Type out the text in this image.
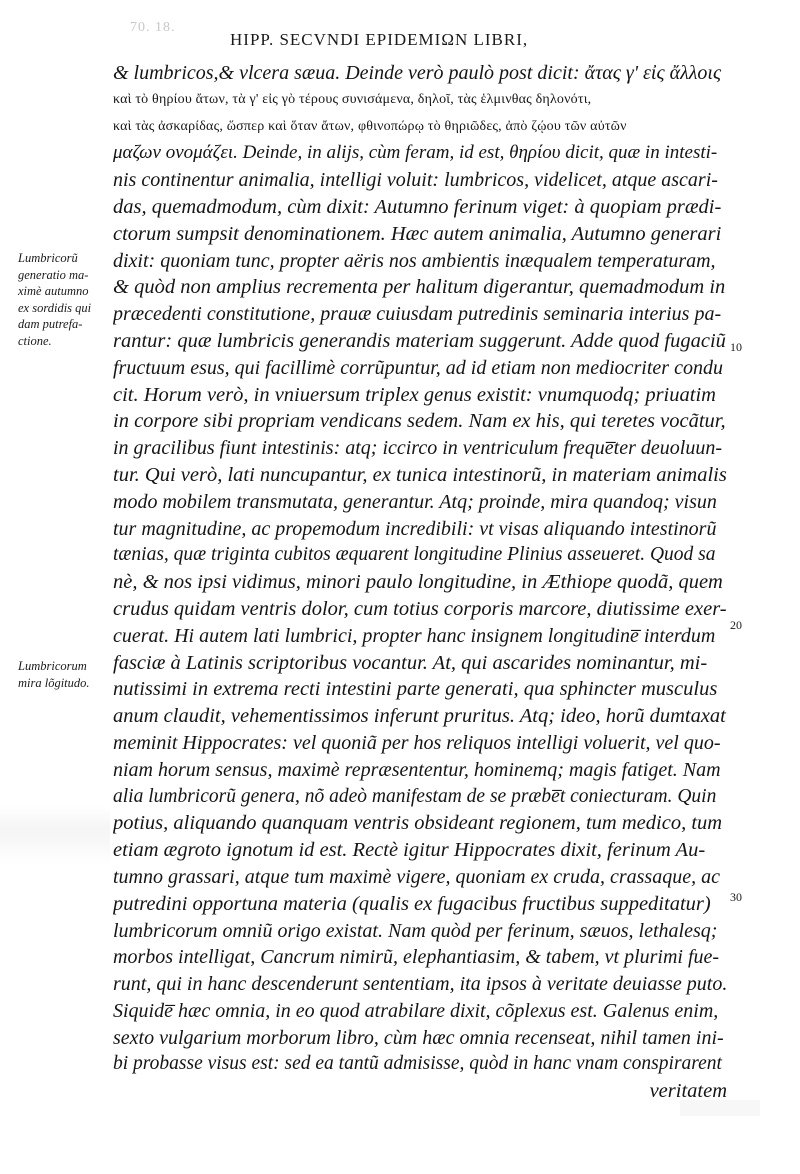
70. 18.
HIPP. SECVNDI EPIDEMIΩN LIBRI,
Lumbricorũ
generatio ma-
ximè autumno
ex sordidis qui
dam putrefa-
ctione.
Lumbricorum
mira lõgitudo.
& lumbricos,& vlcera sæua. Deinde verò paulò post dicit: ἄτας γ' εἰς ἄλλοις
καὶ τὸ θηρίου ἄτων, τὰ γ' εἰς γὸ τέρους συνισάμενα, δηλοῖ, τὰς ἑλμινθας δηλονότι,
καὶ τὰς ἀσκαρίδας, ὥσπερ καὶ ὅταν ἄτων, φθινοπώρῳ τὸ θηριῶδες, ἀπὸ ζῴου τῶν αὐτῶν
μαζων ονομάζει. Deinde, in alijs, cùm feram, id est, θηρίου dicit, quæ in intesti-
nis continentur animalia, intelligi voluit: lumbricos, videlicet, atque ascari-
das, quemadmodum, cùm dixit: Autumno ferinum viget: à quopiam prædi-
ctorum sumpsit denominationem. Hæc autem animalia, Autumno generari
dixit: quoniam tunc, propter aëris nos ambientis inæqualem temperaturam,
& quòd non amplius recrementa per halitum digerantur, quemadmodum in
præcedenti constitutione, prauæ cuiusdam putredinis seminaria interius pa-
rantur: quæ lumbricis generandis materiam suggerunt. Adde quod fugaciũ
fructuum esus, qui facillimè corrũpuntur, ad id etiam non mediocriter condu
cit. Horum verò, in vniuersum triplex genus existit: vnumquodq; priuatim
in corpore sibi propriam vendicans sedem. Nam ex his, qui teretes vocãtur,
in gracilibus fiunt intestinis: atq; iccirco in ventriculum freque̅ter deuoluun-
tur. Qui verò, lati nuncupantur, ex tunica intestinorũ, in materiam animalis
modo mobilem transmutata, generantur. Atq; proinde, mira quandoq; visun
tur magnitudine, ac propemodum incredibili: vt visas aliquando intestinorũ
tænias, quæ triginta cubitos æquarent longitudine Plinius asseueret. Quod sa
nè, & nos ipsi vidimus, minori paulo longitudine, in Æthiope quodã, quem
crudus quidam ventris dolor, cum totius corporis marcore, diutissime exer-
cuerat. Hi autem lati lumbrici, propter hanc insignem longitudine̅ interdum
fasciæ à Latinis scriptoribus vocantur. At, qui ascarides nominantur, mi-
nutissimi in extrema recti intestini parte generati, qua sphincter musculus
anum claudit, vehementissimos inferunt pruritus. Atq; ideo, horũ dumtaxat
meminit Hippocrates: vel quoniã per hos reliquos intelligi voluerit, vel quo-
niam horum sensus, maximè repræsententur, hominemq; magis fatiget. Nam
alia lumbricorũ genera, nõ adeò manifestam de se præbe̅t coniecturam. Quin
potius, aliquando quanquam ventris obsideant regionem, tum medico, tum
etiam ægroto ignotum id est. Rectè igitur Hippocrates dixit, ferinum Au-
tumno grassari, atque tum maximè vigere, quoniam ex cruda, crassaque, ac
putredini opportuna materia (qualis ex fugacibus fructibus suppeditatur)
lumbricorum omniũ origo existat. Nam quòd per ferinum, sæuos, lethalesq;
morbos intelligat, Cancrum nimirũ, elephantiasim, & tabem, vt plurimi fue-
runt, qui in hanc descenderunt sententiam, ita ipsos à veritate deuiasse puto.
Siquide̅ hæc omnia, in eo quod atrabilare dixit, cõplexus est. Galenus enim,
sexto vulgarium morborum libro, cùm hæc omnia recenseat, nihil tamen ini-
bi probasse visus est: sed ea tantũ admisisse, quòd in hanc vnam conspirarent
veritatem
10
20
30
